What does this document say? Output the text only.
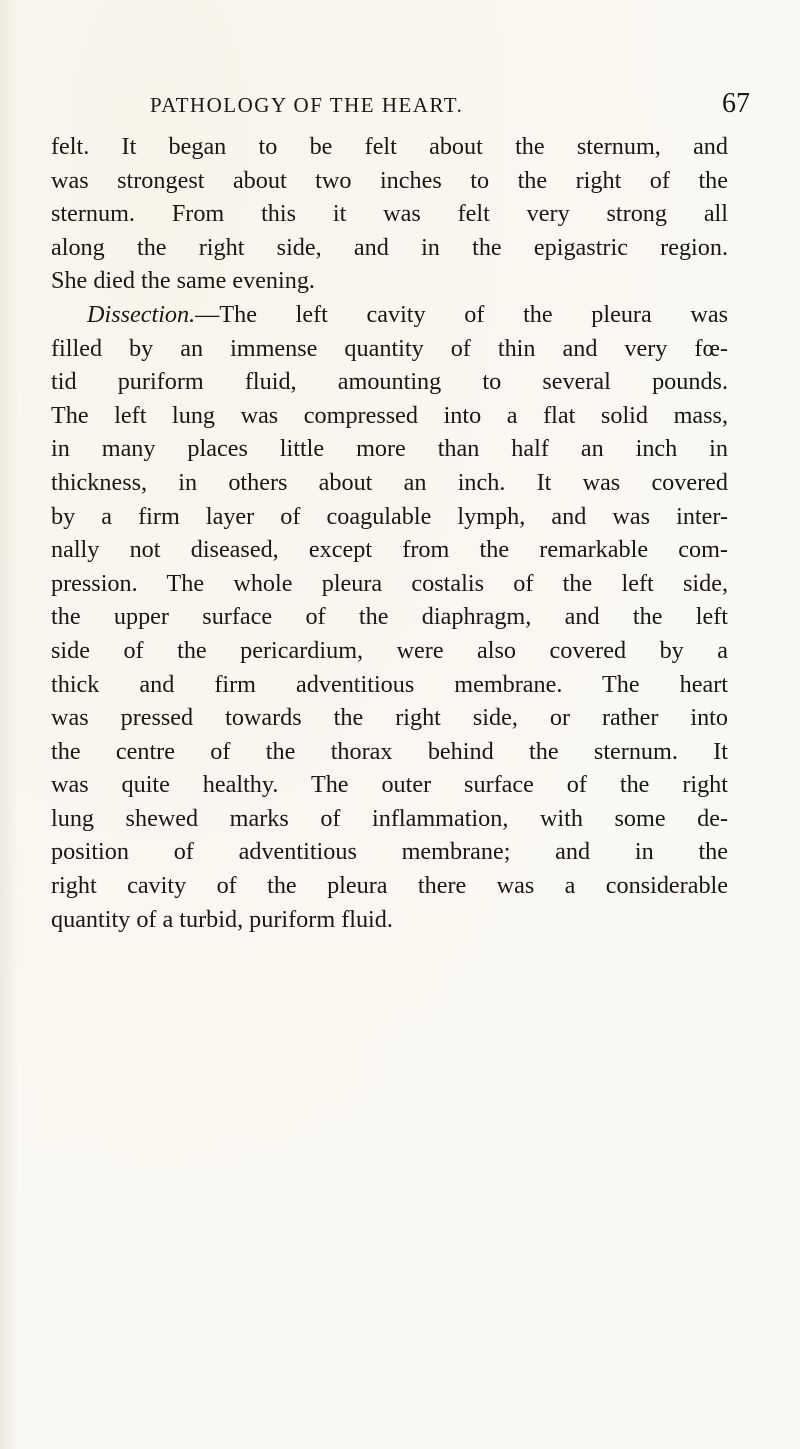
PATHOLOGY OF THE HEART.	67
felt. It began to be felt about the sternum, and
was strongest about two inches to the right of the
sternum. From this it was felt very strong all
along the right side, and in the epigastric region.
She died the same evening.
Dissection.—The left cavity of the pleura was
filled by an immense quantity of thin and very fœ-
tid puriform fluid, amounting to several pounds.
The left lung was compressed into a flat solid mass,
in many places little more than half an inch in
thickness, in others about an inch. It was covered
by a firm layer of coagulable lymph, and was inter-
nally not diseased, except from the remarkable com-
pression. The whole pleura costalis of the left side,
the upper surface of the diaphragm, and the left
side of the pericardium, were also covered by a
thick and firm adventitious membrane. The heart
was pressed towards the right side, or rather into
the centre of the thorax behind the sternum. It
was quite healthy. The outer surface of the right
lung shewed marks of inflammation, with some de-
position of adventitious membrane; and in the
right cavity of the pleura there was a considerable
quantity of a turbid, puriform fluid.
